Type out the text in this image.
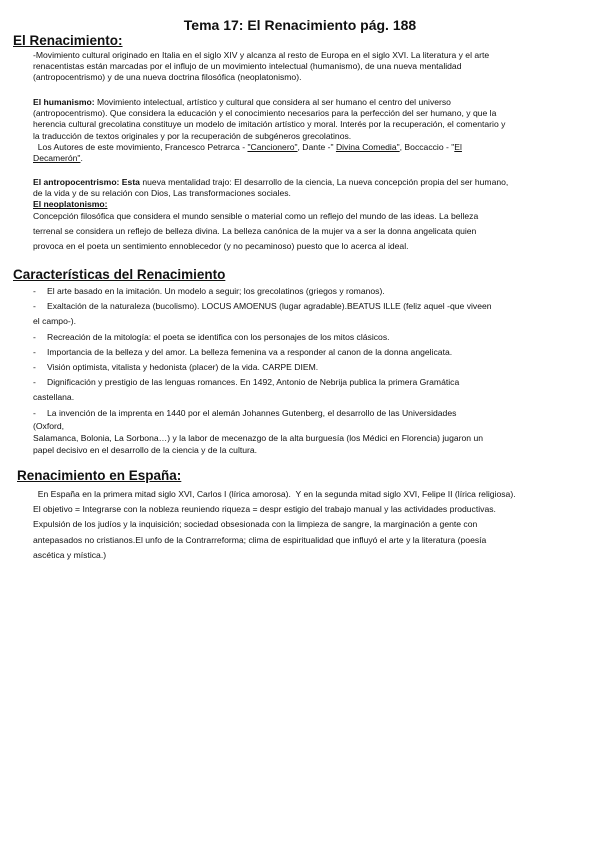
Tema 17: El Renacimiento pág. 188
El Renacimiento:
-Movimiento cultural originado en Italia en el siglo XIV y alcanza al resto de Europa en el siglo XVI. La literatura y el arte
renacentistas están marcadas por el influjo de un movimiento intelectual (humanismo), de una nueva mentalidad
(antropocentrismo) y de una nueva doctrina filosófica (neoplatonismo).
El humanismo: Movimiento intelectual, artístico y cultural que considera al ser humano el centro del universo
(antropocentrismo). Que considera la educación y el conocimiento necesarios para la perfección del ser humano, y que la
herencia cultural grecolatina constituye un modelo de imitación artístico y moral. Interés por la recuperación, el comentario y
la traducción de textos originales y por la recuperación de subgéneros grecolatinos.
Los Autores de este movimiento, Francesco Petrarca - "Cancionero", Dante -" Divina Comedia", Boccaccio - "El
Decamerón".
El antropocentrismo: Esta nueva mentalidad trajo: El desarrollo de la ciencia, La nueva concepción propia del ser humano,
de la vida y de su relación con Dios, Las transformaciones sociales.
El neoplatonismo:
Concepción filosófica que considera el mundo sensible o material como un reflejo del mundo de las ideas. La belleza
terrenal se considera un reflejo de belleza divina. La belleza canónica de la mujer va a ser la donna angelicata quien
provoca en el poeta un sentimiento ennoblecedor (y no pecaminoso) puesto que lo acerca al ideal.
Características del Renacimiento
- El arte basado en la imitación. Un modelo a seguir; los grecolatinos (griegos y romanos).
- Exaltación de la naturaleza (bucolismo). LOCUS AMOENUS (lugar agradable).BEATUS ILLE (feliz aquel -que viveen
el campo-).
- Recreación de la mitología: el poeta se identifica con los personajes de los mitos clásicos.
- Importancia de la belleza y del amor. La belleza femenina va a responder al canon de la donna angelicata.
- Visión optimista, vitalista y hedonista (placer) de la vida. CARPE DIEM.
- Dignificación y prestigio de las lenguas romances. En 1492, Antonio de Nebrija publica la primera Gramática
castellana.
- La invención de la imprenta en 1440 por el alemán Johannes Gutenberg, el desarrollo de las Universidades
(Oxford,
Salamanca, Bolonia, La Sorbona…) y la labor de mecenazgo de la alta burguesía (los Médici en Florencia) jugaron un
papel decisivo en el desarrollo de la ciencia y de la cultura.
Renacimiento en España:
En España en la primera mitad siglo XVI, Carlos I (lírica amorosa).  Y en la segunda mitad siglo XVI, Felipe II (lírica religiosa).
El objetivo = Integrarse con la nobleza reuniendo riqueza = despr estigio del trabajo manual y las actividades productivas.
Expulsión de los judíos y la inquisición; sociedad obsesionada con la limpieza de sangre, la marginación a gente con
antepasados no cristianos.El unfo de la Contrarreforma; clima de espiritualidad que influyó el arte y la literatura (poesía
ascética y mística.)
